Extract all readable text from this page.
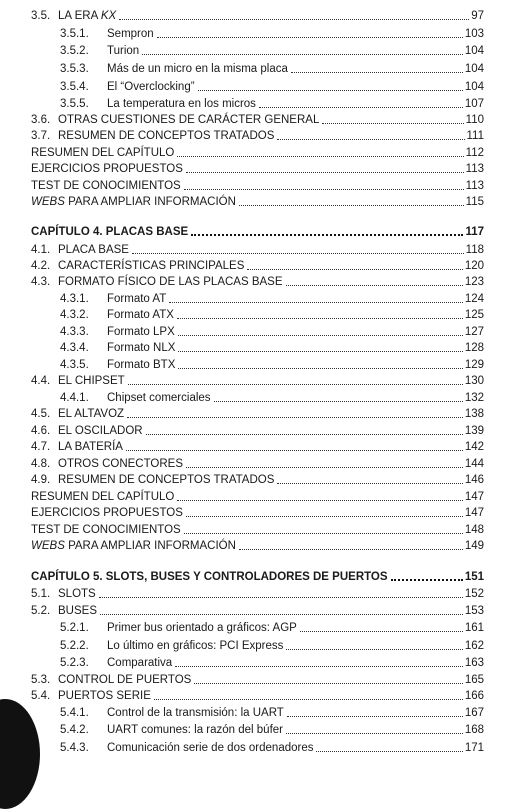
3.5. LA ERA KX	97
3.5.1.	Sempron	103
3.5.2.	Turion	104
3.5.3.	Más de un micro en la misma placa	104
3.5.4.	El “Overclocking”	104
3.5.5.	La temperatura en los micros	107
3.6. OTRAS CUESTIONES DE CARÁCTER GENERAL	110
3.7. RESUMEN DE CONCEPTOS TRATADOS	111
RESUMEN DEL CAPÍTULO	112
EJERCICIOS PROPUESTOS	113
TEST DE CONOCIMIENTOS	113
WEBS PARA AMPLIAR INFORMACIÓN	115
CAPÍTULO 4. PLACAS BASE	117
4.1. PLACA BASE	118
4.2. CARACTERÍSTICAS PRINCIPALES	120
4.3. FORMATO FÍSICO DE LAS PLACAS BASE	123
4.3.1.	Formato AT	124
4.3.2.	Formato ATX	125
4.3.3.	Formato LPX	127
4.3.4.	Formato NLX	128
4.3.5.	Formato BTX	129
4.4. EL CHIPSET	130
4.4.1.	Chipset comerciales	132
4.5. EL ALTAVOZ	138
4.6. EL OSCILADOR	139
4.7. LA BATERÍA	142
4.8. OTROS CONECTORES	144
4.9. RESUMEN DE CONCEPTOS TRATADOS	146
RESUMEN DEL CAPÍTULO	147
EJERCICIOS PROPUESTOS	147
TEST DE CONOCIMIENTOS	148
WEBS PARA AMPLIAR INFORMACIÓN	149
CAPÍTULO 5. SLOTS, BUSES Y CONTROLADORES DE PUERTOS	151
5.1. SLOTS	152
5.2. BUSES	153
5.2.1.	Primer bus orientado a gráficos: AGP	161
5.2.2.	Lo último en gráficos: PCI Express	162
5.2.3.	Comparativa	163
5.3. CONTROL DE PUERTOS	165
5.4. PUERTOS SERIE	166
5.4.1.	Control de la transmisión: la UART	167
5.4.2.	UART comunes: la razón del búfer	168
5.4.3.	Comunicación serie de dos ordenadores	171
